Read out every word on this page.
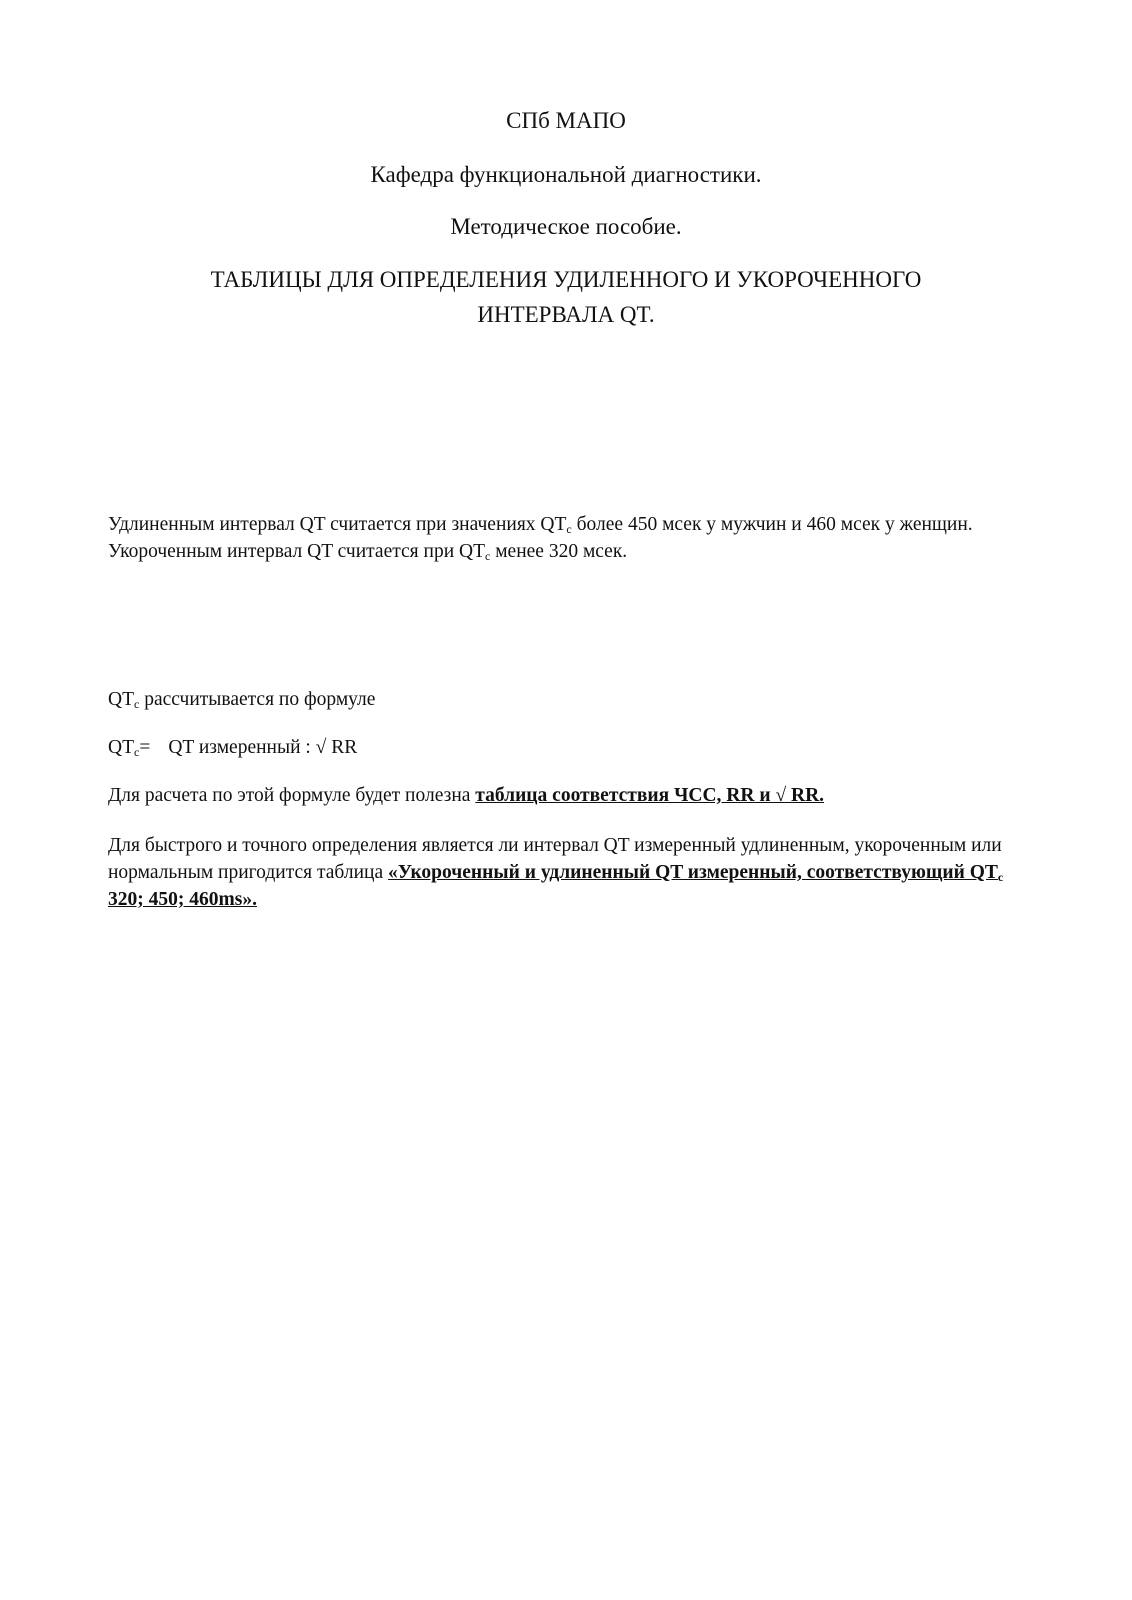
СПб МАПО
Кафедра функциональной диагностики.
Методическое пособие.
ТАБЛИЦЫ ДЛЯ ОПРЕДЕЛЕНИЯ УДИЛЕННОГО И УКОРОЧЕННОГО
ИНТЕРВАЛА QT.
Удлиненным интервал QT считается при значениях $QT_c$ более 450 мсек у мужчин и 460 мсек у женщин. Укороченным интервал QT считается при $QT_c$ менее 320 мсек.
$QT_c$ рассчитывается по формуле
$QT_c=$ QT измеренный : √ RR
Для расчета по этой формуле будет полезна таблица соответствия ЧСС, RR и √ RR.
Для быстрого и точного определения является ли интервал QT измеренный удлиненным, укороченным или нормальным пригодится таблица «Укороченный и удлиненный QT измеренный, соответствующий $QT_c$ 320; 450; 460ms».
